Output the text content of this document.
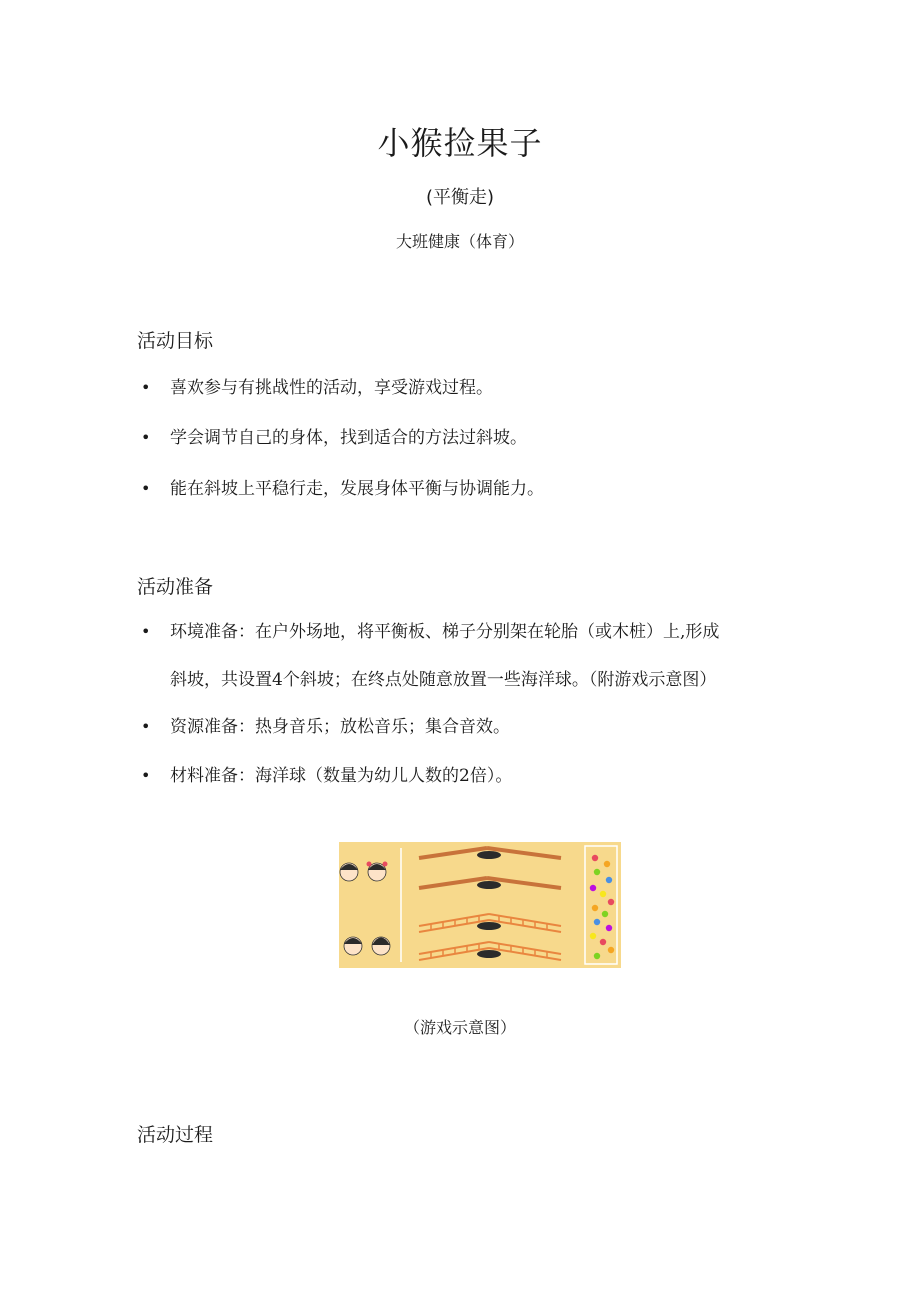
小猴捡果子
(平衡走)
大班健康（体育）
活动目标
• 喜欢参与有挑战性的活动，享受游戏过程。
• 学会调节自己的身体，找到适合的方法过斜坡。
• 能在斜坡上平稳行走，发展身体平衡与协调能力。
活动准备
• 环境准备：在户外场地，将平衡板、梯子分别架在轮胎（或木桩）上,形成
斜坡，共设置4个斜坡；在终点处随意放置一些海洋球。（附游戏示意图）
• 资源准备：热身音乐；放松音乐；集合音效。
• 材料准备：海洋球（数量为幼儿人数的2倍）。
（游戏示意图）
活动过程
